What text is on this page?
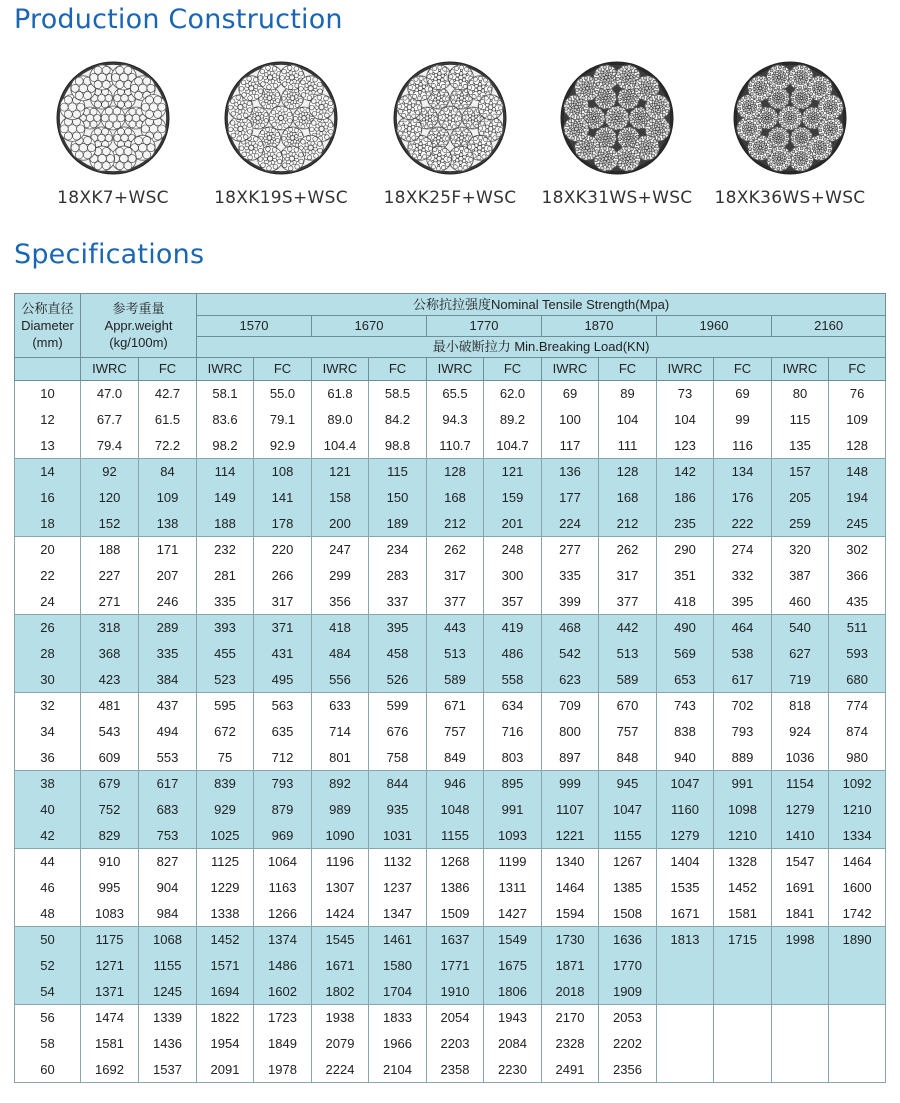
Production Construction
18XK7+WSC	18XK19S+WSC	18XK25F+WSC	18XK31WS+WSC	18XK36WS+WSC
Specifications
公称直径 Diameter (mm)	参考重量 Appr.weight (kg/100m)		公称抗拉强度Nominal Tensile Strength(Mpa)											
			1570		1670		1770		1870		1960		2160	
			最小破断拉力 Min.Breaking Load(KN)											
	IWRC	FC	IWRC	FC	IWRC	FC	IWRC	FC	IWRC	FC	IWRC	FC	IWRC	FC
10	47.0	42.7	58.1	55.0	61.8	58.5	65.5	62.0	69	89	73	69	80	76
12	67.7	61.5	83.6	79.1	89.0	84.2	94.3	89.2	100	104	104	99	115	109
13	79.4	72.2	98.2	92.9	104.4	98.8	110.7	104.7	117	111	123	116	135	128
14	92	84	114	108	121	115	128	121	136	128	142	134	157	148
16	120	109	149	141	158	150	168	159	177	168	186	176	205	194
18	152	138	188	178	200	189	212	201	224	212	235	222	259	245
20	188	171	232	220	247	234	262	248	277	262	290	274	320	302
22	227	207	281	266	299	283	317	300	335	317	351	332	387	366
24	271	246	335	317	356	337	377	357	399	377	418	395	460	435
26	318	289	393	371	418	395	443	419	468	442	490	464	540	511
28	368	335	455	431	484	458	513	486	542	513	569	538	627	593
30	423	384	523	495	556	526	589	558	623	589	653	617	719	680
32	481	437	595	563	633	599	671	634	709	670	743	702	818	774
34	543	494	672	635	714	676	757	716	800	757	838	793	924	874
36	609	553	75	712	801	758	849	803	897	848	940	889	1036	980
38	679	617	839	793	892	844	946	895	999	945	1047	991	1154	1092
40	752	683	929	879	989	935	1048	991	1107	1047	1160	1098	1279	1210
42	829	753	1025	969	1090	1031	1155	1093	1221	1155	1279	1210	1410	1334
44	910	827	1125	1064	1196	1132	1268	1199	1340	1267	1404	1328	1547	1464
46	995	904	1229	1163	1307	1237	1386	1311	1464	1385	1535	1452	1691	1600
48	1083	984	1338	1266	1424	1347	1509	1427	1594	1508	1671	1581	1841	1742
50	1175	1068	1452	1374	1545	1461	1637	1549	1730	1636	1813	1715	1998	1890
52	1271	1155	1571	1486	1671	1580	1771	1675	1871	1770				
54	1371	1245	1694	1602	1802	1704	1910	1806	2018	1909				
56	1474	1339	1822	1723	1938	1833	2054	1943	2170	2053				
58	1581	1436	1954	1849	2079	1966	2203	2084	2328	2202				
60	1692	1537	2091	1978	2224	2104	2358	2230	2491	2356				
